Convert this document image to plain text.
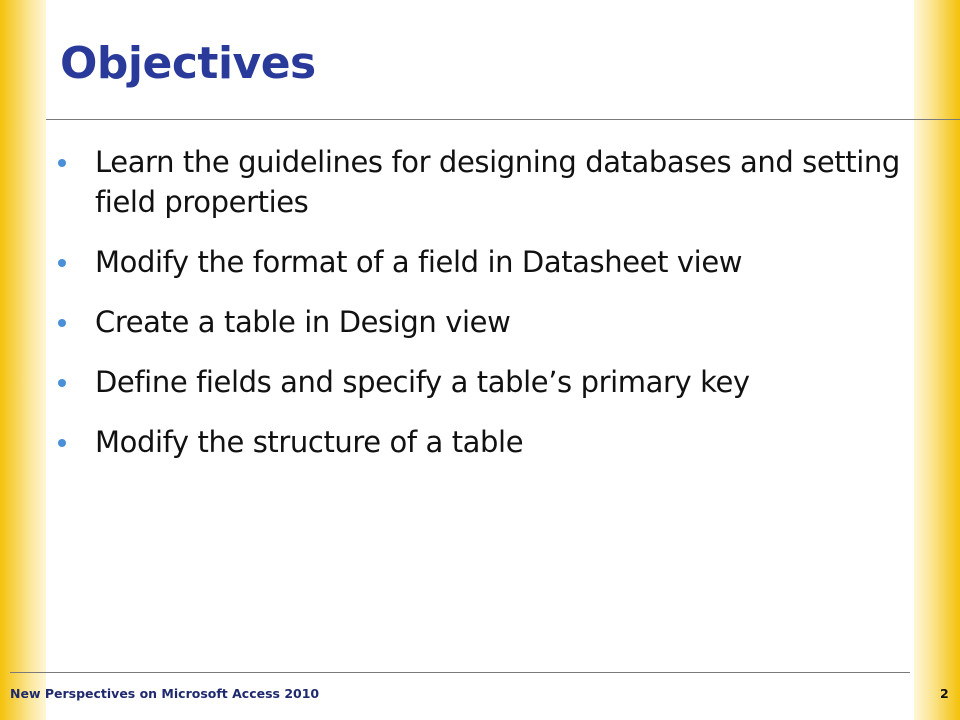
Objectives
Learn the guidelines for designing databases and setting field properties
Modify the format of a field in Datasheet view
Create a table in Design view
Define fields and specify a table’s primary key
Modify the structure of a table
New Perspectives on Microsoft Access 2010	2
